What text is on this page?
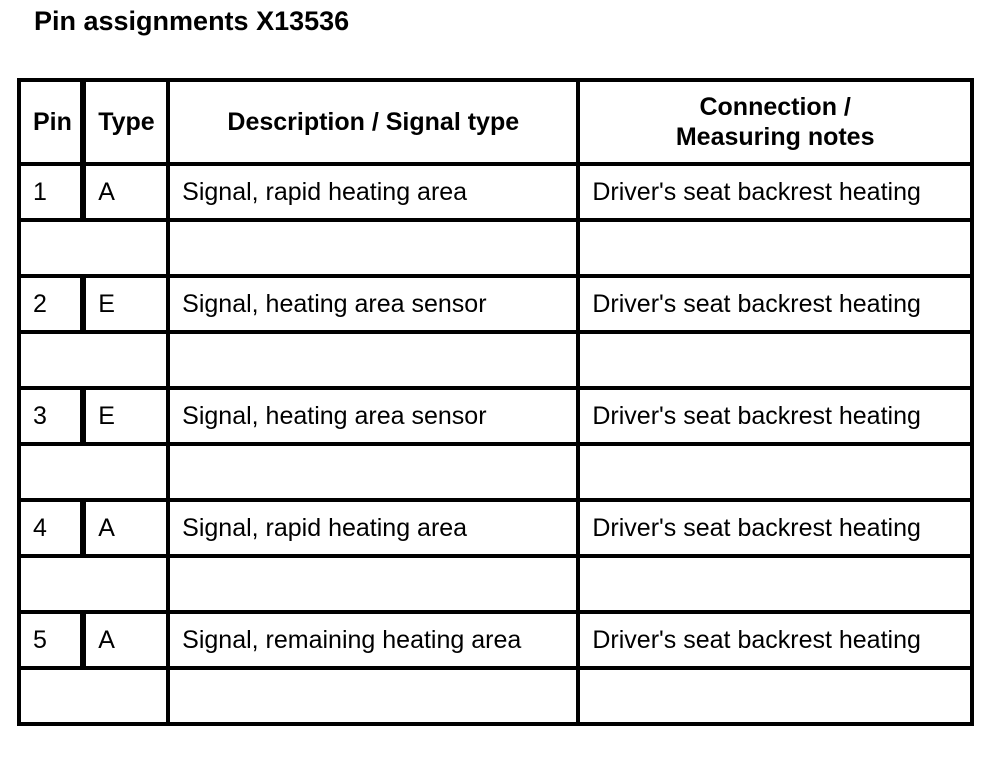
Pin assignments X13536
Pin	Type	Description / Signal type	Connection /
Measuring notes
1	A	Signal, rapid heating area	Driver's seat backrest heating

2	E	Signal, heating area sensor	Driver's seat backrest heating

3	E	Signal, heating area sensor	Driver's seat backrest heating

4	A	Signal, rapid heating area	Driver's seat backrest heating

5	A	Signal, remaining heating area	Driver's seat backrest heating
